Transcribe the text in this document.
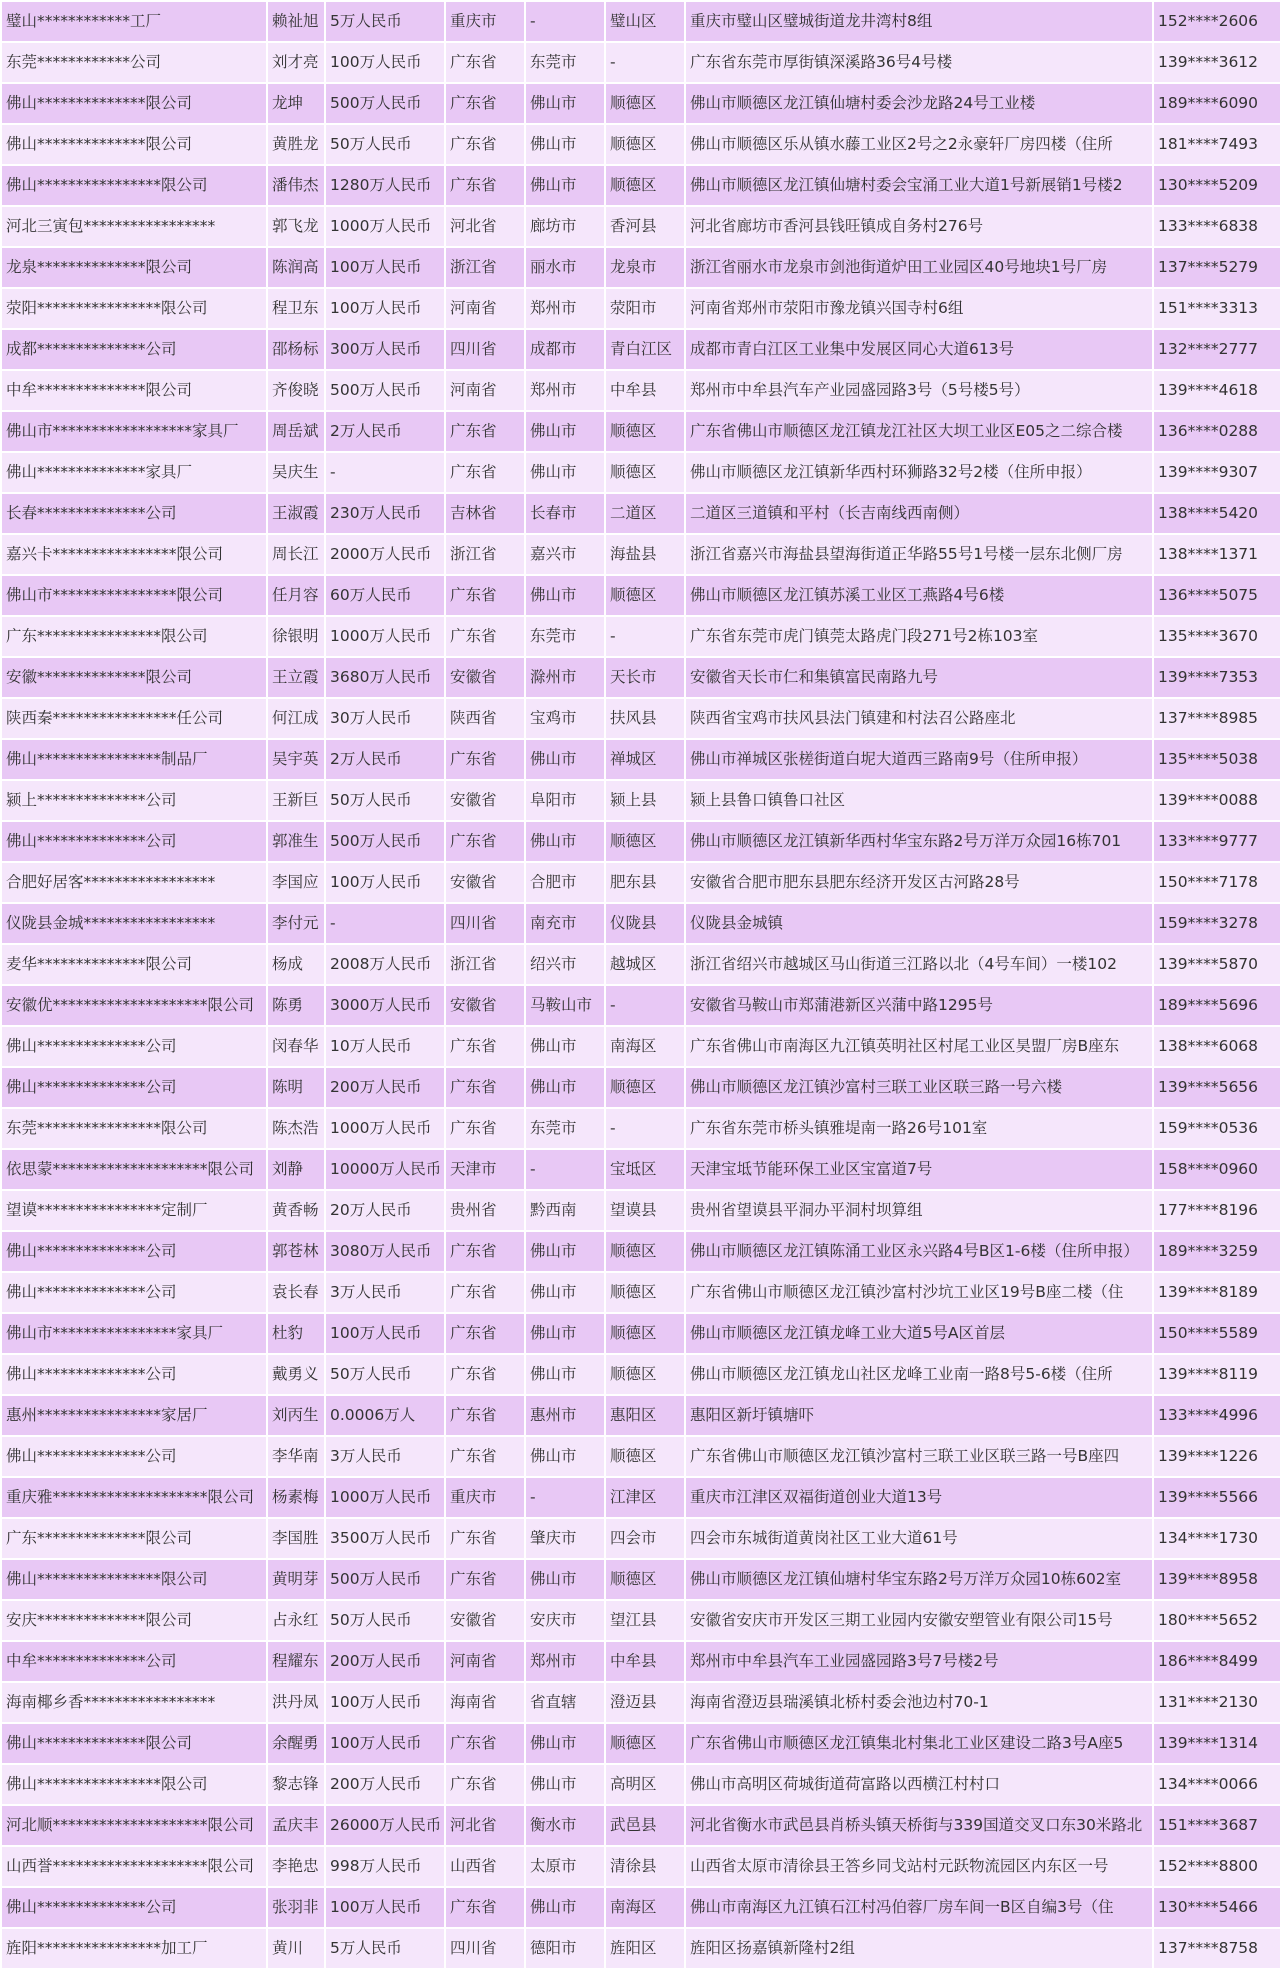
璧山************工厂	赖祉旭	5万人民币	重庆市	-	璧山区	重庆市璧山区璧城街道龙井湾村8组	152****2606
东莞************公司	刘才亮	100万人民币	广东省	东莞市	-	广东省东莞市厚街镇深溪路36号4号楼	139****3612
佛山**************限公司	龙坤	500万人民币	广东省	佛山市	顺德区	佛山市顺德区龙江镇仙塘村委会沙龙路24号工业楼	189****6090
佛山**************限公司	黄胜龙	50万人民币	广东省	佛山市	顺德区	佛山市顺德区乐从镇水藤工业区2号之2永豪轩厂房四楼（住所	181****7493
佛山****************限公司	潘伟杰	1280万人民币	广东省	佛山市	顺德区	佛山市顺德区龙江镇仙塘村委会宝涌工业大道1号新展销1号楼2	130****5209
河北三寅包*****************	郭飞龙	1000万人民币	河北省	廊坊市	香河县	河北省廊坊市香河县钱旺镇成自务村276号	133****6838
龙泉**************限公司	陈润高	100万人民币	浙江省	丽水市	龙泉市	浙江省丽水市龙泉市剑池街道炉田工业园区40号地块1号厂房	137****5279
荥阳****************限公司	程卫东	100万人民币	河南省	郑州市	荥阳市	河南省郑州市荥阳市豫龙镇兴国寺村6组	151****3313
成都**************公司	邵杨标	300万人民币	四川省	成都市	青白江区	成都市青白江区工业集中发展区同心大道613号	132****2777
中牟**************限公司	齐俊晓	500万人民币	河南省	郑州市	中牟县	郑州市中牟县汽车产业园盛园路3号（5号楼5号）	139****4618
佛山市******************家具厂	周岳斌	2万人民币	广东省	佛山市	顺德区	广东省佛山市顺德区龙江镇龙江社区大坝工业区E05之二综合楼	136****0288
佛山**************家具厂	吴庆生	-	广东省	佛山市	顺德区	佛山市顺德区龙江镇新华西村环狮路32号2楼（住所申报）	139****9307
长春**************公司	王淑霞	230万人民币	吉林省	长春市	二道区	二道区三道镇和平村（长吉南线西南侧）	138****5420
嘉兴卡****************限公司	周长江	2000万人民币	浙江省	嘉兴市	海盐县	浙江省嘉兴市海盐县望海街道正华路55号1号楼一层东北侧厂房	138****1371
佛山市****************限公司	任月容	60万人民币	广东省	佛山市	顺德区	佛山市顺德区龙江镇苏溪工业区工燕路4号6楼	136****5075
广东****************限公司	徐银明	1000万人民币	广东省	东莞市	-	广东省东莞市虎门镇莞太路虎门段271号2栋103室	135****3670
安徽**************限公司	王立霞	3680万人民币	安徽省	滁州市	天长市	安徽省天长市仁和集镇富民南路九号	139****7353
陕西秦****************任公司	何江成	30万人民币	陕西省	宝鸡市	扶风县	陕西省宝鸡市扶风县法门镇建和村法召公路座北	137****8985
佛山****************制品厂	吴宇英	2万人民币	广东省	佛山市	禅城区	佛山市禅城区张槎街道白坭大道西三路南9号（住所申报）	135****5038
颍上**************公司	王新巨	50万人民币	安徽省	阜阳市	颍上县	颍上县鲁口镇鲁口社区	139****0088
佛山**************公司	郭准生	500万人民币	广东省	佛山市	顺德区	佛山市顺德区龙江镇新华西村华宝东路2号万洋万众园16栋701	133****9777
合肥好居客*****************	李国应	100万人民币	安徽省	合肥市	肥东县	安徽省合肥市肥东县肥东经济开发区古河路28号	150****7178
仪陇县金城*****************	李付元	-	四川省	南充市	仪陇县	仪陇县金城镇	159****3278
麦华**************限公司	杨成	2008万人民币	浙江省	绍兴市	越城区	浙江省绍兴市越城区马山街道三江路以北（4号车间）一楼102	139****5870
安徽优********************限公司	陈勇	3000万人民币	安徽省	马鞍山市	-	安徽省马鞍山市郑蒲港新区兴蒲中路1295号	189****5696
佛山**************公司	闵春华	10万人民币	广东省	佛山市	南海区	广东省佛山市南海区九江镇英明社区村尾工业区昊盟厂房B座东	138****6068
佛山**************公司	陈明	200万人民币	广东省	佛山市	顺德区	佛山市顺德区龙江镇沙富村三联工业区联三路一号六楼	139****5656
东莞****************限公司	陈杰浩	1000万人民币	广东省	东莞市	-	广东省东莞市桥头镇雅堤南一路26号101室	159****0536
依思蒙********************限公司	刘静	10000万人民币	天津市	-	宝坻区	天津宝坻节能环保工业区宝富道7号	158****0960
望谟****************定制厂	黄香畅	20万人民币	贵州省	黔西南	望谟县	贵州省望谟县平洞办平洞村坝算组	177****8196
佛山**************公司	郭苍林	3080万人民币	广东省	佛山市	顺德区	佛山市顺德区龙江镇陈涌工业区永兴路4号B区1-6楼（住所申报）	189****3259
佛山**************公司	袁长春	3万人民币	广东省	佛山市	顺德区	广东省佛山市顺德区龙江镇沙富村沙坑工业区19号B座二楼（住	139****8189
佛山市****************家具厂	杜豹	100万人民币	广东省	佛山市	顺德区	佛山市顺德区龙江镇龙峰工业大道5号A区首层	150****5589
佛山**************公司	戴勇义	50万人民币	广东省	佛山市	顺德区	佛山市顺德区龙江镇龙山社区龙峰工业南一路8号5-6楼（住所	139****8119
惠州****************家居厂	刘丙生	0.0006万人	广东省	惠州市	惠阳区	惠阳区新圩镇塘吓	133****4996
佛山**************公司	李华南	3万人民币	广东省	佛山市	顺德区	广东省佛山市顺德区龙江镇沙富村三联工业区联三路一号B座四	139****1226
重庆雅********************限公司	杨素梅	1000万人民币	重庆市	-	江津区	重庆市江津区双福街道创业大道13号	139****5566
广东**************限公司	李国胜	3500万人民币	广东省	肇庆市	四会市	四会市东城街道黄岗社区工业大道61号	134****1730
佛山****************限公司	黄明芽	500万人民币	广东省	佛山市	顺德区	佛山市顺德区龙江镇仙塘村华宝东路2号万洋万众园10栋602室	139****8958
安庆**************限公司	占永红	50万人民币	安徽省	安庆市	望江县	安徽省安庆市开发区三期工业园内安徽安塑管业有限公司15号	180****5652
中牟**************公司	程耀东	200万人民币	河南省	郑州市	中牟县	郑州市中牟县汽车工业园盛园路3号7号楼2号	186****8499
海南椰乡香*****************	洪丹凤	100万人民币	海南省	省直辖	澄迈县	海南省澄迈县瑞溪镇北桥村委会池边村70-1	131****2130
佛山**************限公司	余醒勇	100万人民币	广东省	佛山市	顺德区	广东省佛山市顺德区龙江镇集北村集北工业区建设二路3号A座5	139****1314
佛山****************限公司	黎志锋	200万人民币	广东省	佛山市	高明区	佛山市高明区荷城街道荷富路以西横江村村口	134****0066
河北顺********************限公司	孟庆丰	26000万人民币	河北省	衡水市	武邑县	河北省衡水市武邑县肖桥头镇天桥街与339国道交叉口东30米路北	151****3687
山西誉********************限公司	李艳忠	998万人民币	山西省	太原市	清徐县	山西省太原市清徐县王答乡同戈站村元跃物流园区内东区一号	152****8800
佛山**************公司	张羽非	100万人民币	广东省	佛山市	南海区	佛山市南海区九江镇石江村冯伯蓉厂房车间一B区自编3号（住	130****5466
旌阳****************加工厂	黄川	5万人民币	四川省	德阳市	旌阳区	旌阳区扬嘉镇新隆村2组	137****8758
